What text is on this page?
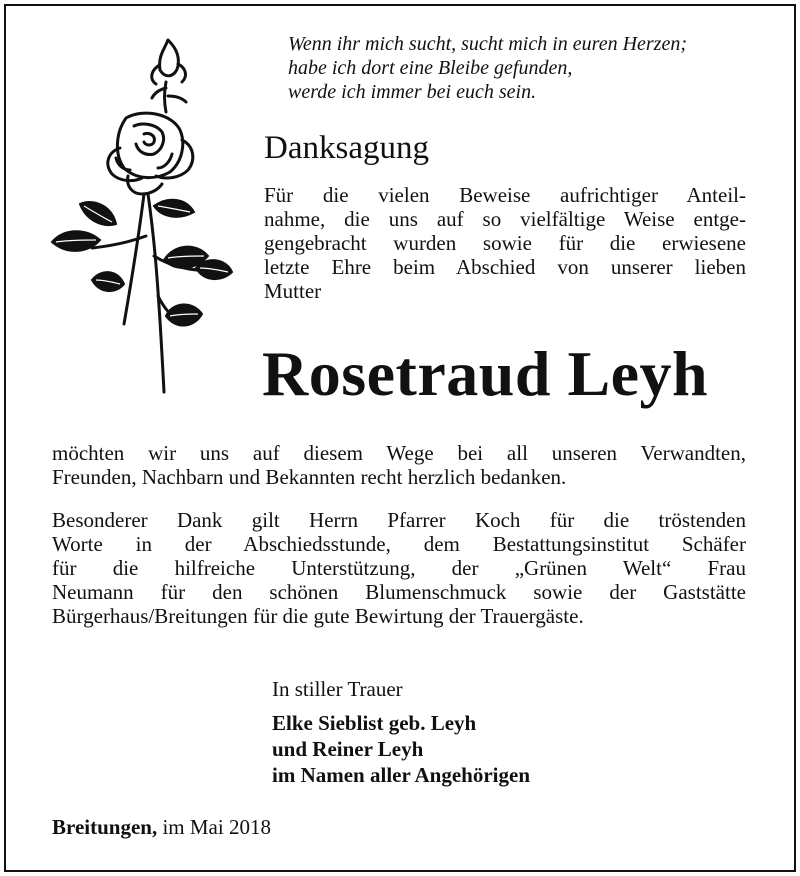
Wenn ihr mich sucht, sucht mich in euren Herzen;
habe ich dort eine Bleibe gefunden,
werde ich immer bei euch sein.
Danksagung
Für die vielen Beweise aufrichtiger Anteil-
nahme, die uns auf so vielfältige Weise entge-
gengebracht wurden sowie für die erwiesene
letzte Ehre beim Abschied von unserer lieben
Mutter
Rosetraud Leyh
möchten wir uns auf diesem Wege bei all unseren Verwandten,
Freunden, Nachbarn und Bekannten recht herzlich bedanken.
Besonderer Dank gilt Herrn Pfarrer Koch für die tröstenden
Worte in der Abschiedsstunde, dem Bestattungsinstitut Schäfer
für die hilfreiche Unterstützung, der „Grünen Welt“ Frau
Neumann für den schönen Blumenschmuck sowie der Gaststätte
Bürgerhaus/Breitungen für die gute Bewirtung der Trauergäste.
In stiller Trauer
Elke Sieblist geb. Leyh
und Reiner Leyh
im Namen aller Angehörigen
Breitungen, im Mai 2018
